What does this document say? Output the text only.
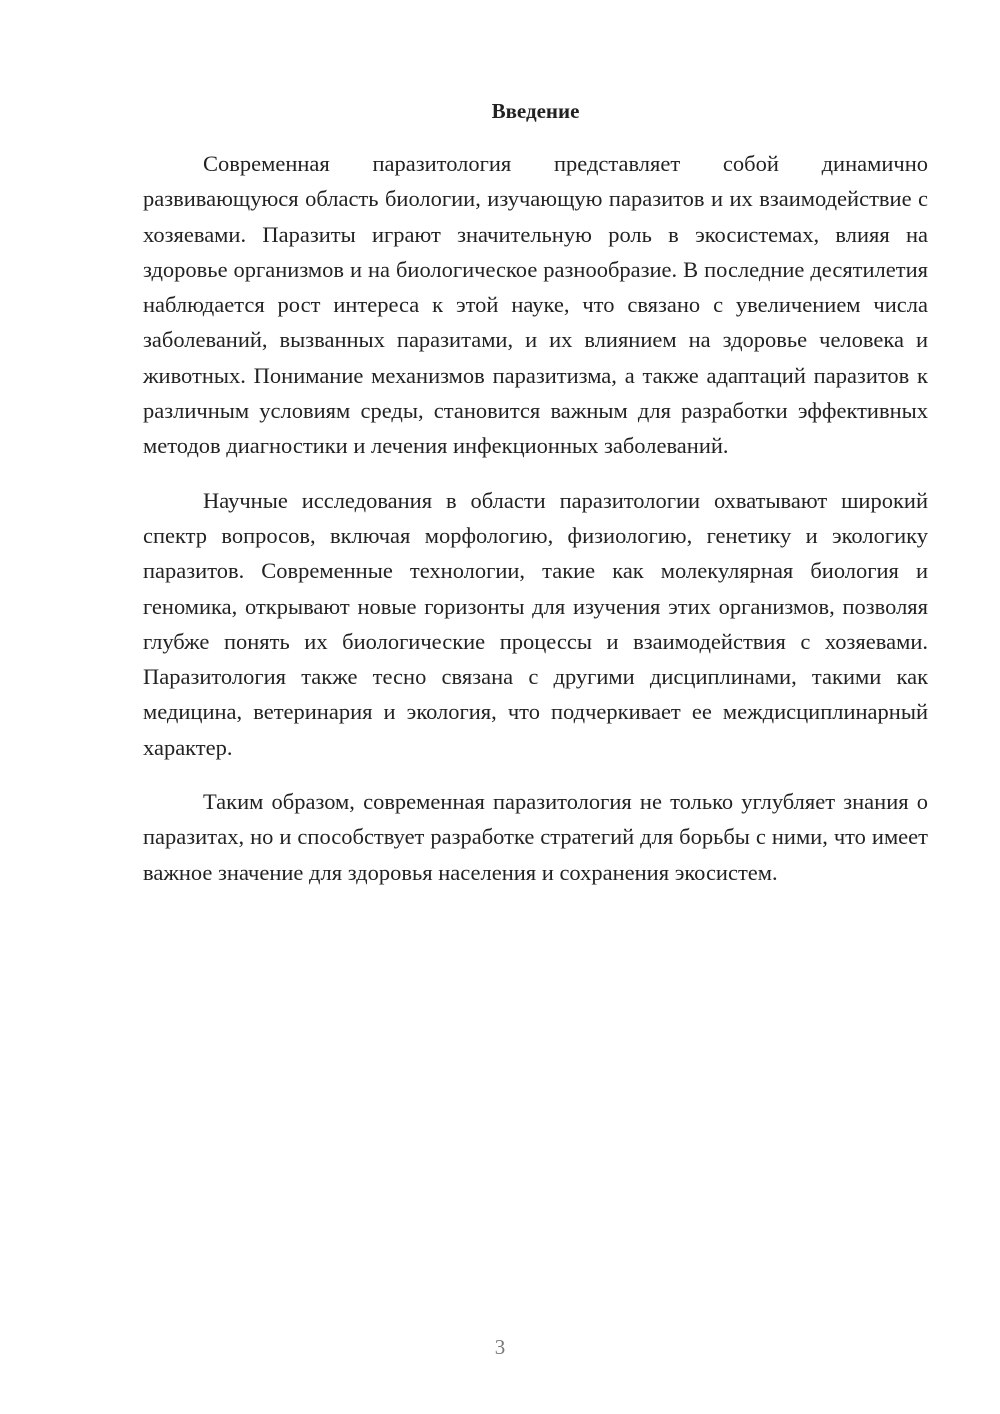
Введение

Современная паразитология представляет собой динамично развивающуюся область биологии, изучающую паразитов и их взаимодействие с хозяевами. Паразиты играют значительную роль в экосистемах, влияя на здоровье организмов и на биологическое разнообразие. В последние десятилетия наблюдается рост интереса к этой науке, что связано с увеличением числа заболеваний, вызванных паразитами, и их влиянием на здоровье человека и животных. Понимание механизмов паразитизма, а также адаптаций паразитов к различным условиям среды, становится важным для разработки эффективных методов диагностики и лечения инфекционных заболеваний.

Научные исследования в области паразитологии охватывают широкий спектр вопросов, включая морфологию, физиологию, генетику и экологику паразитов. Современные технологии, такие как молекулярная биология и геномика, открывают новые горизонты для изучения этих организмов, позволяя глубже понять их биологические процессы и взаимодействия с хозяевами. Паразитология также тесно связана с другими дисциплинами, такими как медицина, ветеринария и экология, что подчеркивает ее междисциплинарный характер.

Таким образом, современная паразитология не только углубляет знания о паразитах, но и способствует разработке стратегий для борьбы с ними, что имеет важное значение для здоровья населения и сохранения экосистем.

3
